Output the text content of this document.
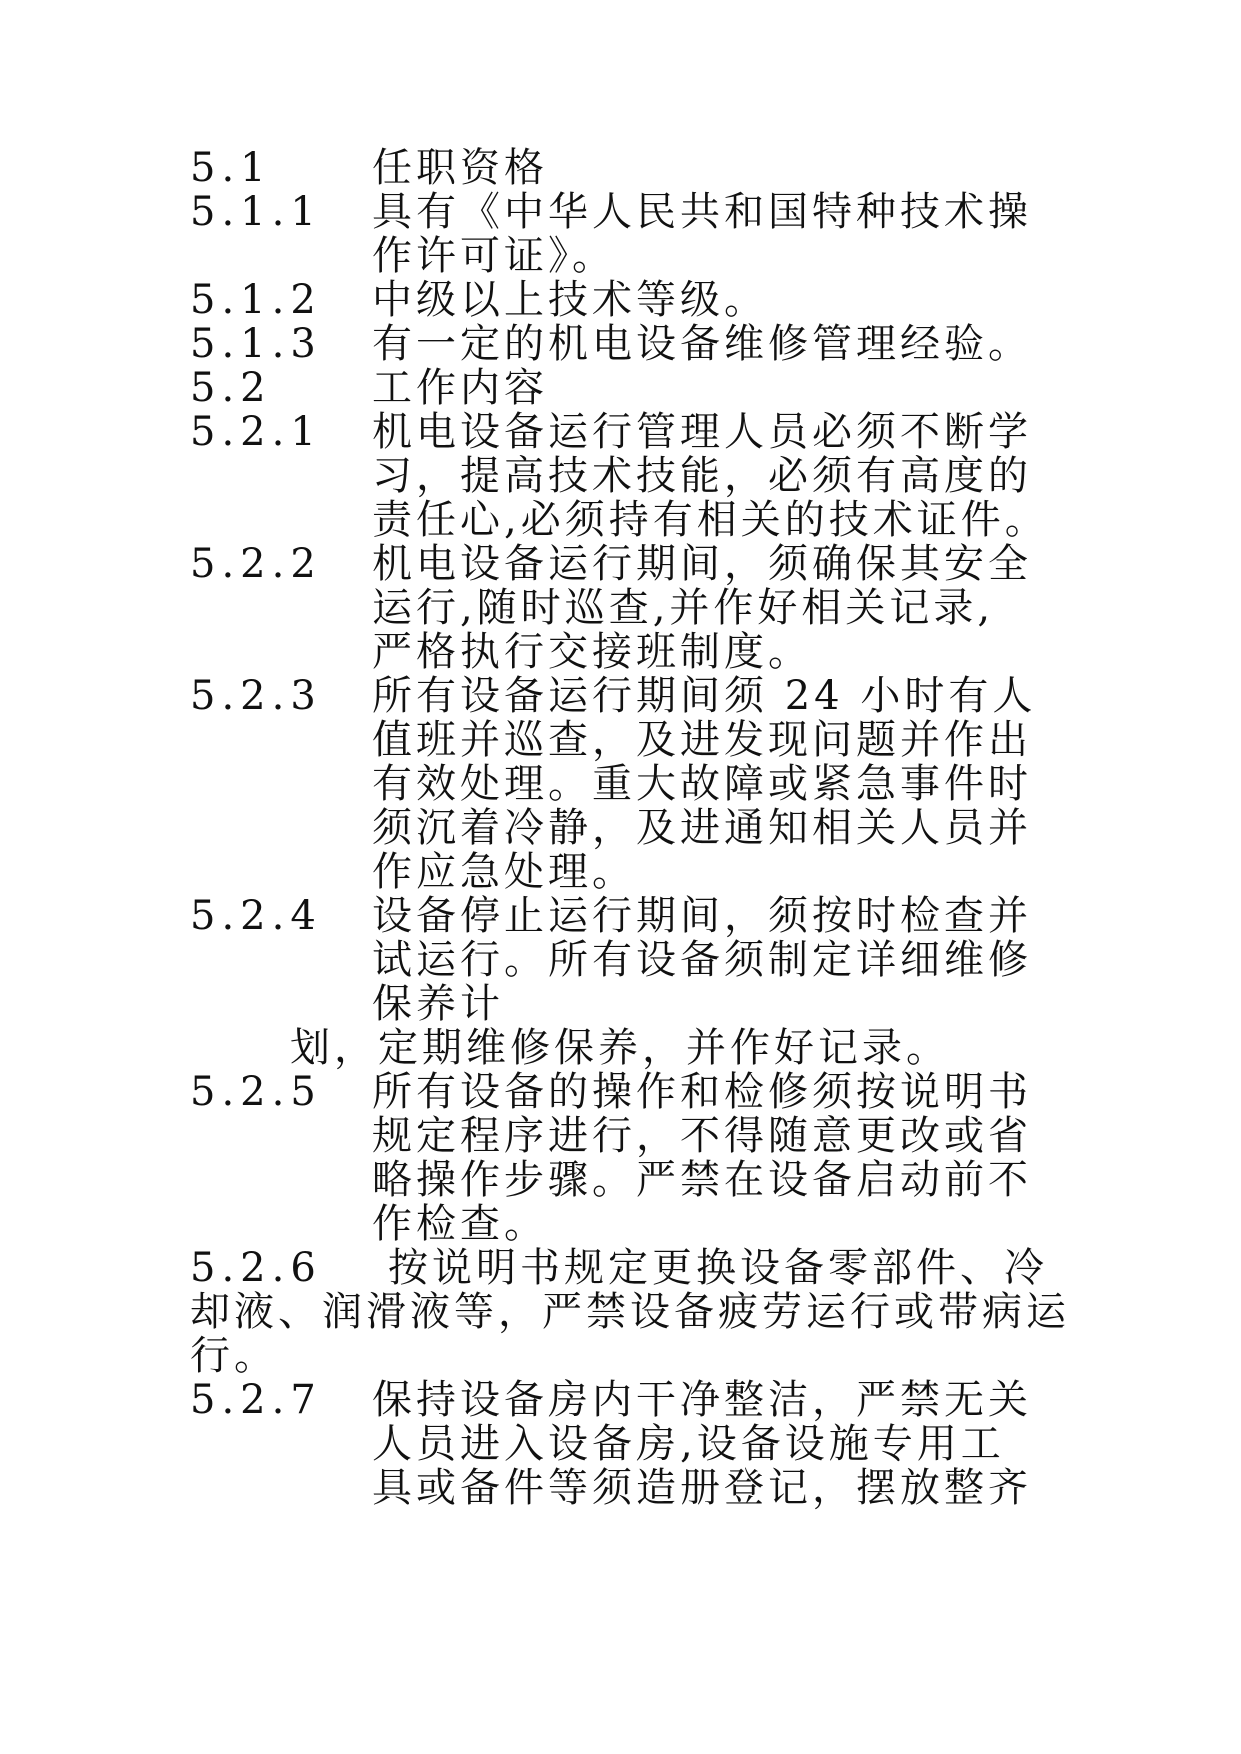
5.1	任职资格
5.1.1	具有《中华人民共和国特种技术操
作许可证》。
5.1.2	中级以上技术等级。
5.1.3	有一定的机电设备维修管理经验。
5.2	工作内容
5.2.1	机电设备运行管理人员必须不断学
习，提高技术技能，必须有高度的
责任心,必须持有相关的技术证件。
5.2.2	机电设备运行期间，须确保其安全
运行,随时巡查,并作好相关记录,
严格执行交接班制度。
5.2.3	所有设备运行期间须 24 小时有人
值班并巡查，及进发现问题并作出
有效处理。重大故障或紧急事件时
须沉着冷静，及进通知相关人员并
作应急处理。
5.2.4	设备停止运行期间，须按时检查并
试运行。所有设备须制定详细维修
保养计
划，定期维修保养，并作好记录。
5.2.5	所有设备的操作和检修须按说明书
规定程序进行，不得随意更改或省
略操作步骤。严禁在设备启动前不
作检查。
5.2.6 按说明书规定更换设备零部件、冷
却液、润滑液等，严禁设备疲劳运行或带病运
行。
5.2.7	保持设备房内干净整洁，严禁无关
人员进入设备房,设备设施专用工
具或备件等须造册登记，摆放整齐
